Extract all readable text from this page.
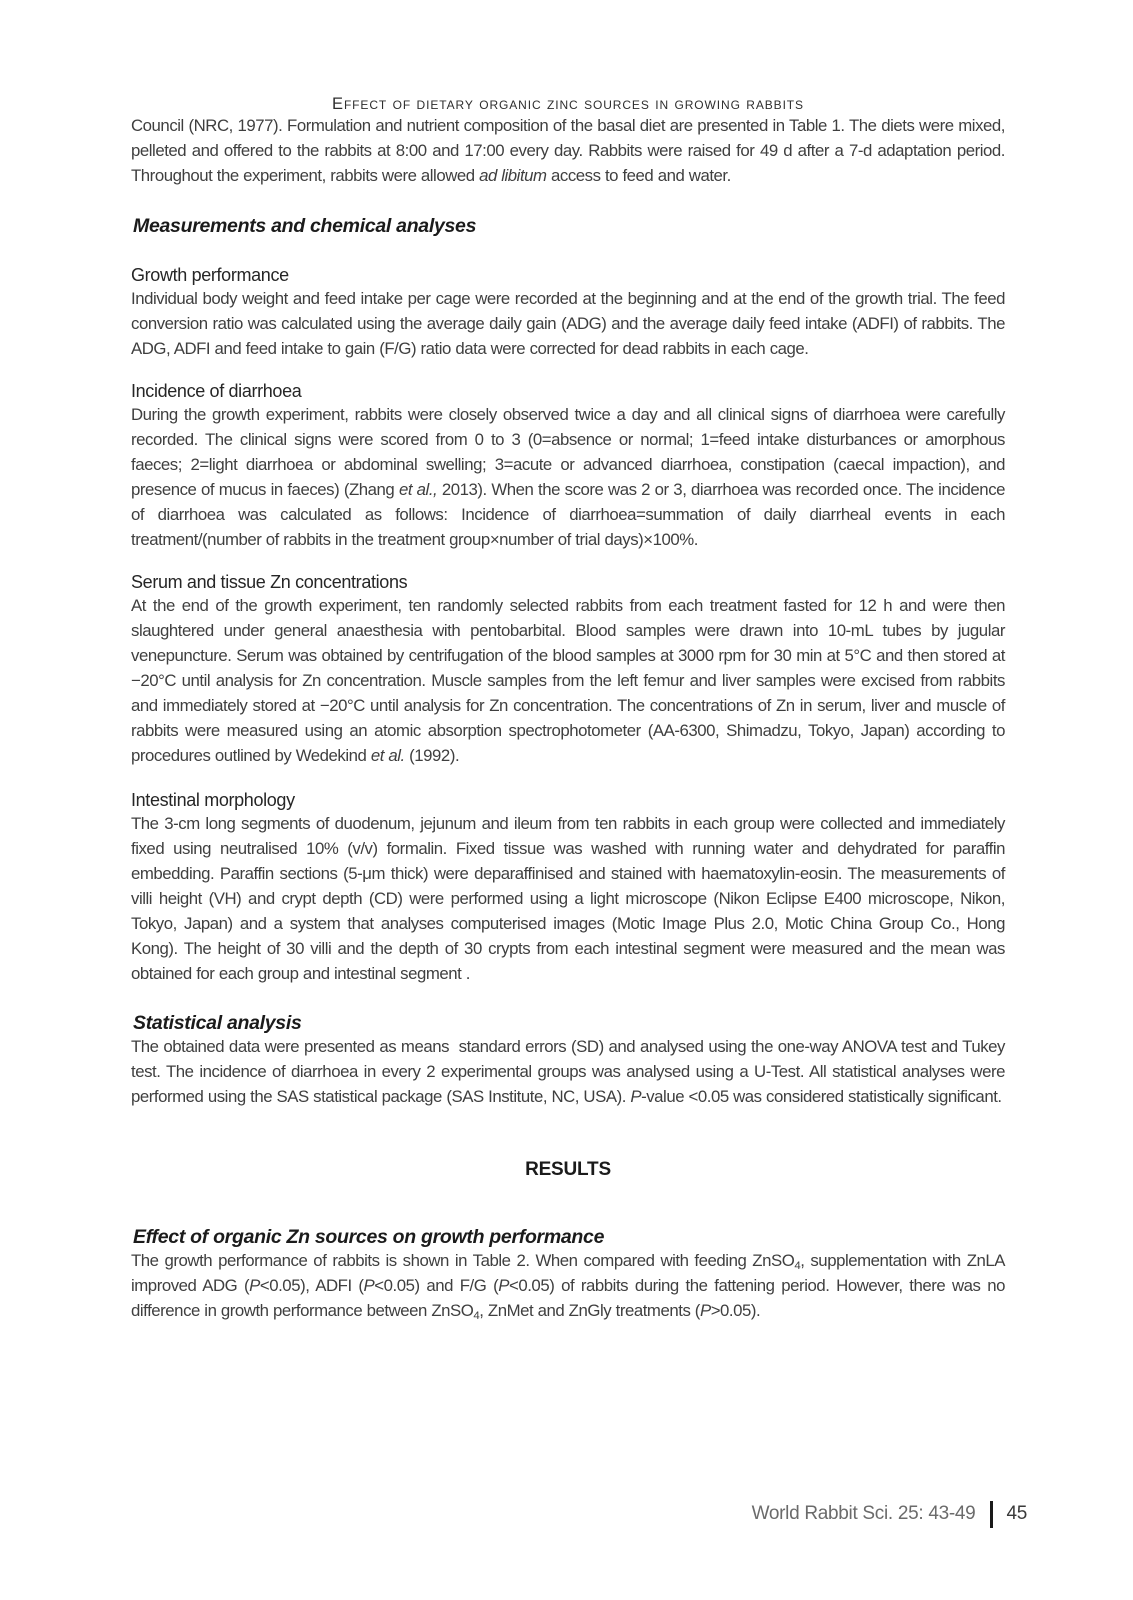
Effect of dietary organic zinc sources in growing rabbits

Council (NRC, 1977). Formulation and nutrient composition of the basal diet are presented in Table 1. The diets were mixed, pelleted and offered to the rabbits at 8:00 and 17:00 every day. Rabbits were raised for 49 d after a 7-d adaptation period. Throughout the experiment, rabbits were allowed ad libitum access to feed and water.

Measurements and chemical analyses
Growth performance

Individual body weight and feed intake per cage were recorded at the beginning and at the end of the growth trial. The feed conversion ratio was calculated using the average daily gain (ADG) and the average daily feed intake (ADFI) of rabbits. The ADG, ADFI and feed intake to gain (F/G) ratio data were corrected for dead rabbits in each cage.

Incidence of diarrhoea

During the growth experiment, rabbits were closely observed twice a day and all clinical signs of diarrhoea were carefully recorded. The clinical signs were scored from 0 to 3 (0=absence or normal; 1=feed intake disturbances or amorphous faeces; 2=light diarrhoea or abdominal swelling; 3=acute or advanced diarrhoea, constipation (caecal impaction), and presence of mucus in faeces) (Zhang et al., 2013). When the score was 2 or 3, diarrhoea was recorded once. The incidence of diarrhoea was calculated as follows: Incidence of diarrhoea=summation of daily diarrheal events in each treatment/(number of rabbits in the treatment group×number of trial days)×100%.

Serum and tissue Zn concentrations

At the end of the growth experiment, ten randomly selected rabbits from each treatment fasted for 12 h and were then slaughtered under general anaesthesia with pentobarbital. Blood samples were drawn into 10-mL tubes by jugular venepuncture. Serum was obtained by centrifugation of the blood samples at 3000 rpm for 30 min at 5°C and then stored at −20°C until analysis for Zn concentration. Muscle samples from the left femur and liver samples were excised from rabbits and immediately stored at −20°C until analysis for Zn concentration. The concentrations of Zn in serum, liver and muscle of rabbits were measured using an atomic absorption spectrophotometer (AA-6300, Shimadzu, Tokyo, Japan) according to procedures outlined by Wedekind et al. (1992).

Intestinal morphology

The 3-cm long segments of duodenum, jejunum and ileum from ten rabbits in each group were collected and immediately fixed using neutralised 10% (v/v) formalin. Fixed tissue was washed with running water and dehydrated for paraffin embedding. Paraffin sections (5-μm thick) were deparaffinised and stained with haematoxylin-eosin. The measurements of villi height (VH) and crypt depth (CD) were performed using a light microscope (Nikon Eclipse E400 microscope, Nikon, Tokyo, Japan) and a system that analyses computerised images (Motic Image Plus 2.0, Motic China Group Co., Hong Kong). The height of 30 villi and the depth of 30 crypts from each intestinal segment were measured and the mean was obtained for each group and intestinal segment .

Statistical analysis

The obtained data were presented as means  standard errors (SD) and analysed using the one-way ANOVA test and Tukey test. The incidence of diarrhoea in every 2 experimental groups was analysed using a U-Test. All statistical analyses were performed using the SAS statistical package (SAS Institute, NC, USA). P-value <0.05 was considered statistically significant.

RESULTS
Effect of organic Zn sources on growth performance

The growth performance of rabbits is shown in Table 2. When compared with feeding ZnSO$_4$, supplementation with ZnLA improved ADG (P<0.05), ADFI (P<0.05) and F/G (P<0.05) of rabbits during the fattening period. However, there was no difference in growth performance between ZnSO$_4$, ZnMet and ZnGly treatments (P>0.05).

World Rabbit Sci. 25: 43-49 45
